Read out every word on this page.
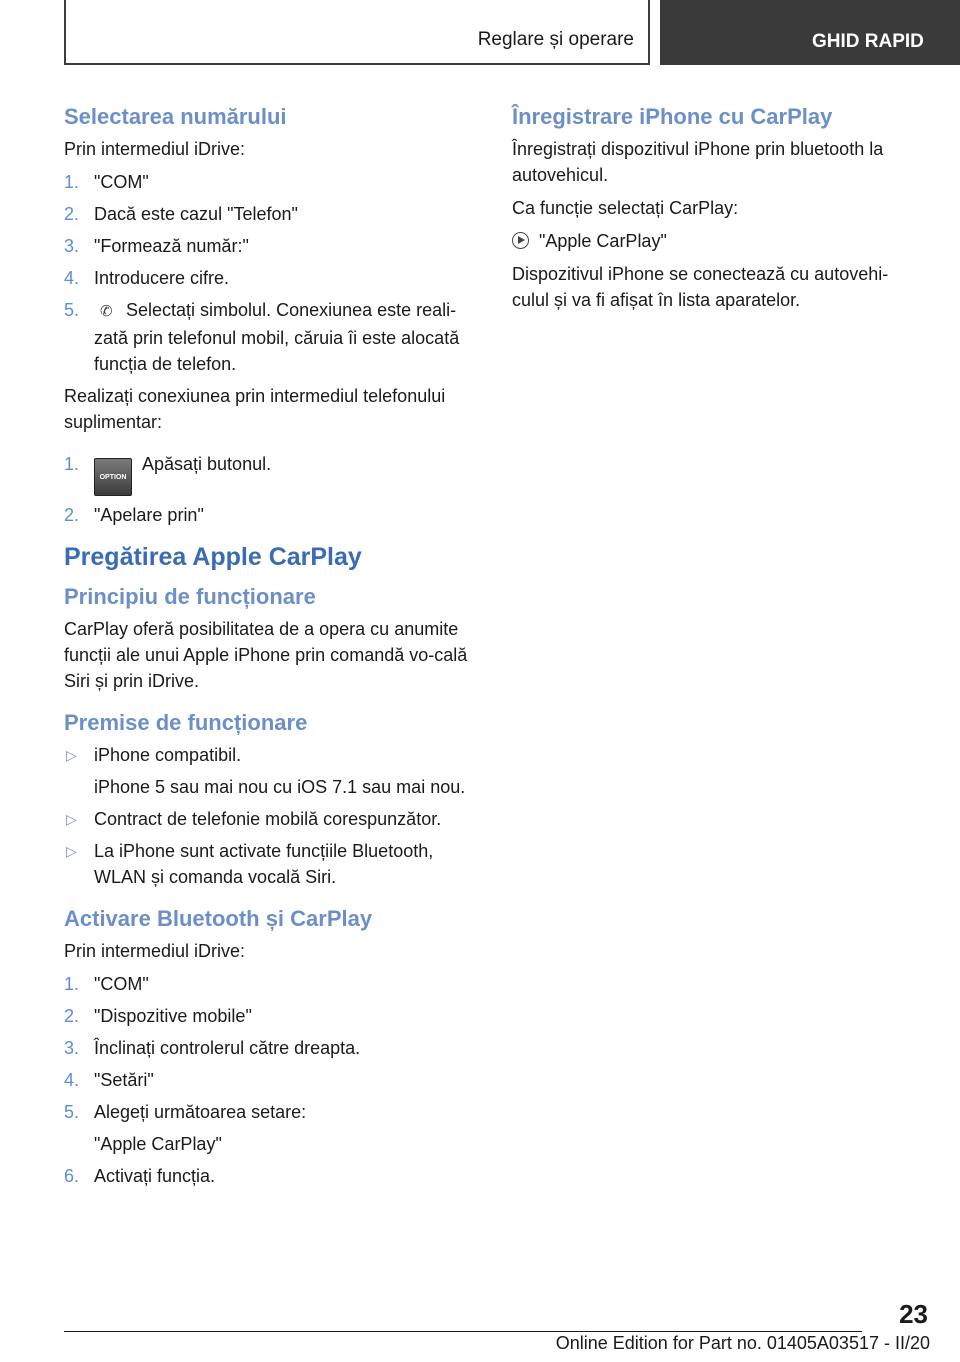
Reglare și operare	GHID RAPID
Selectarea numărului

Prin intermediul iDrive:

1. "COM"
2. Dacă este cazul "Telefon"
3. "Formează număr:"
4. Introducere cifre.
5. ✆ Selectați simbolul. Conexiunea este reali‐zată prin telefonul mobil, căruia îi este alocată funcția de telefon.

Realizați conexiunea prin intermediul telefonului suplimentar:

1.
OPTIONApăsați butonul.
2. "Apelare prin"
Pregătirea Apple CarPlay
Principiu de funcționare

CarPlay oferă posibilitatea de a opera cu anumite funcții ale unui Apple iPhone prin comandă vo‐cală Siri și prin iDrive.

Premise de funcționare
▷ iPhone compatibil.
iPhone 5 sau mai nou cu iOS 7.1 sau mai nou.
▷ Contract de telefonie mobilă corespunzător.
▷ La iPhone sunt activate funcțiile Bluetooth, WLAN și comanda vocală Siri.
Activare Bluetooth și CarPlay

Prin intermediul iDrive:

1. "COM"
2. "Dispozitive mobile"
3. Înclinați controlerul către dreapta.
4. "Setări"
5. Alegeți următoarea setare:
"Apple CarPlay"
6. Activați funcția.
Înregistrare iPhone cu CarPlay

Înregistrați dispozitivul iPhone prin bluetooth la autovehicul.

Ca funcție selectați CarPlay:

"Apple CarPlay"

Dispozitivul iPhone se conectează cu autovehi‐culul și va fi afișat în lista aparatelor.

23
Online Edition for Part no. 01405A03517 - II/20
